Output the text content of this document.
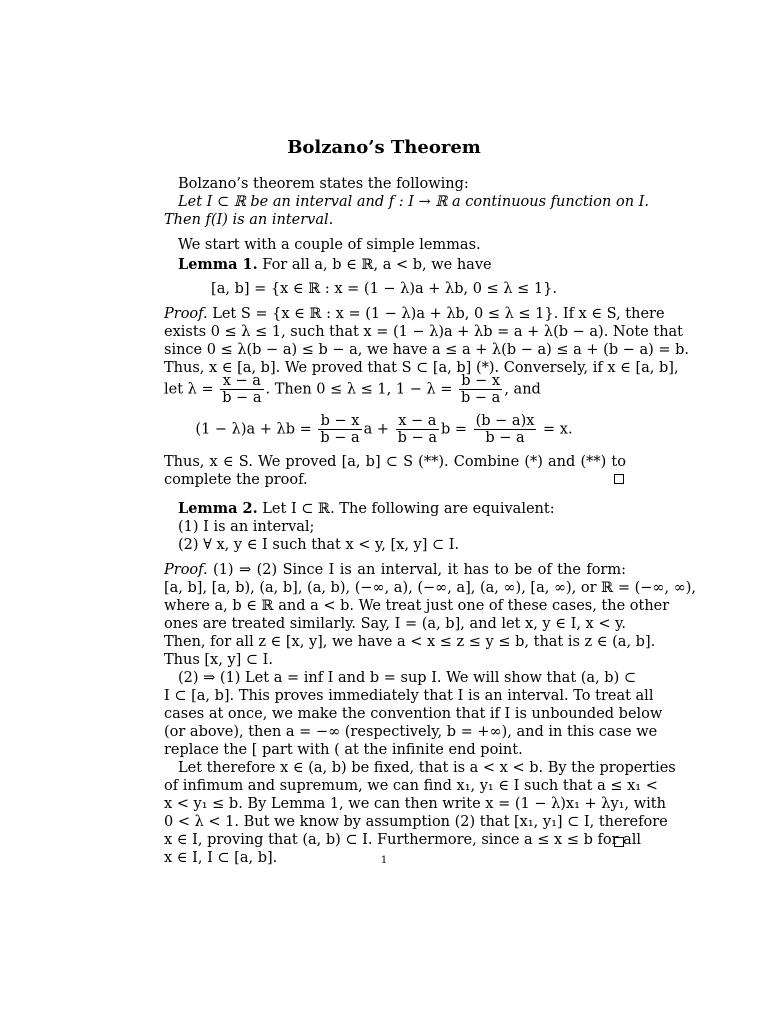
Bolzano’s Theorem
Bolzano’s theorem states the following:
Let I ⊂ ℝ be an interval and f : I → ℝ a continuous function on I.
Then f(I) is an interval.
We start with a couple of simple lemmas.
Lemma 1. For all a, b ∈ ℝ, a < b, we have
[a, b] = {x ∈ ℝ : x = (1 − λ)a + λb, 0 ≤ λ ≤ 1}.
Proof. Let S = {x ∈ ℝ : x = (1 − λ)a + λb, 0 ≤ λ ≤ 1}. If x ∈ S, there
exists 0 ≤ λ ≤ 1, such that x = (1 − λ)a + λb = a + λ(b − a). Note that
since 0 ≤ λ(b − a) ≤ b − a, we have a ≤ a + λ(b − a) ≤ a + (b − a) = b.
Thus, x ∈ [a, b]. We proved that S ⊂ [a, b] (*). Conversely, if x ∈ [a, b],
let $\lambda = \frac{x - a}{b - a}$ . Then 0 ≤ λ ≤ 1, $1 - \lambda = \frac{b - x}{b - a}$ , and
$(1 - \lambda)a + \lambda b = \frac{b - x}{b - a}$ $a + \frac{x - a}{b - a}$ $b = \frac{(b - a)x}{b - a} = x$.
Thus, x ∈ S. We proved [a, b] ⊂ S (**). Combine (*) and (**) to
complete the proof.
Lemma 2. Let I ⊂ ℝ. The following are equivalent:
(1) I is an interval;
(2) ∀ x, y ∈ I such that x < y, [x, y] ⊂ I.
Proof. (1) ⇒ (2) Since I is an interval, it has to be of the form:
[a, b], [a, b), (a, b], (a, b), (−∞, a), (−∞, a], (a, ∞), [a, ∞), or ℝ = (−∞, ∞),
where a, b ∈ ℝ and a < b. We treat just one of these cases, the other
ones are treated similarly. Say, I = (a, b], and let x, y ∈ I, x < y.
Then, for all z ∈ [x, y], we have a < x ≤ z ≤ y ≤ b, that is z ∈ (a, b].
Thus [x, y] ⊂ I.
(2) ⇒ (1) Let a = inf I and b = sup I. We will show that (a, b) ⊂
I ⊂ [a, b]. This proves immediately that I is an interval. To treat all
cases at once, we make the convention that if I is unbounded below
(or above), then a = −∞ (respectively, b = +∞), and in this case we
replace the [ part with ( at the infinite end point.
Let therefore x ∈ (a, b) be fixed, that is a < x < b. By the properties
of infimum and supremum, we can find x₁, y₁ ∈ I such that a ≤ x₁ <
x < y₁ ≤ b. By Lemma 1, we can then write x = (1 − λ)x₁ + λy₁, with
0 < λ < 1. But we know by assumption (2) that [x₁, y₁] ⊂ I, therefore
x ∈ I, proving that (a, b) ⊂ I. Furthermore, since a ≤ x ≤ b for all
x ∈ I, I ⊂ [a, b].	1
